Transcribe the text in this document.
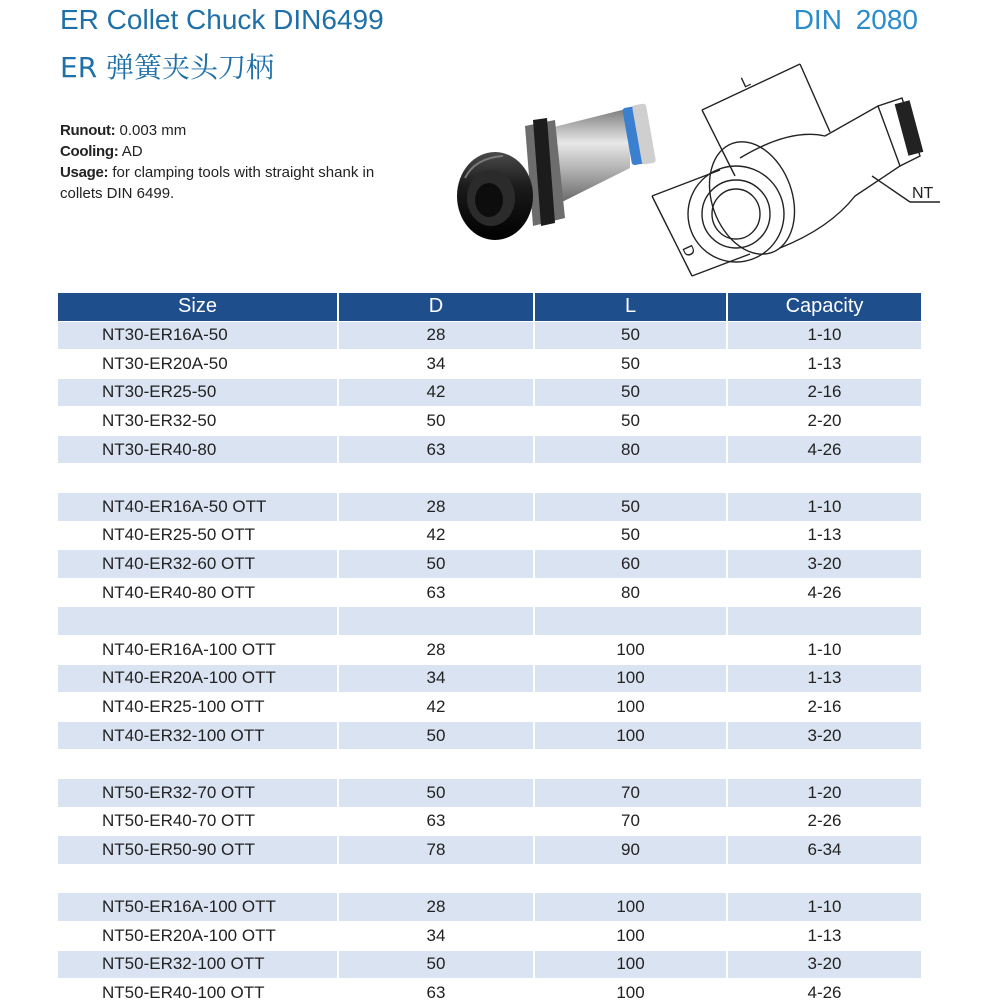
ER Collet Chuck DIN6499
ER 弹簧夹头刀柄
DIN 2080
Runout: 0.003 mm
Cooling: AD
Usage: for clamping tools with straight shank in collets DIN 6499.
L
D
NT
Size	D	L	Capacity
NT30-ER16A-50	28	50	1-10
NT30-ER20A-50	34	50	1-13
NT30-ER25-50	42	50	2-16
NT30-ER32-50	50	50	2-20
NT30-ER40-80	63	80	4-26

NT40-ER16A-50 OTT	28	50	1-10
NT40-ER25-50 OTT	42	50	1-13
NT40-ER32-60 OTT	50	60	3-20
NT40-ER40-80 OTT	63	80	4-26

NT40-ER16A-100 OTT	28	100	1-10
NT40-ER20A-100 OTT	34	100	1-13
NT40-ER25-100 OTT	42	100	2-16
NT40-ER32-100 OTT	50	100	3-20

NT50-ER32-70 OTT	50	70	1-20
NT50-ER40-70 OTT	63	70	2-26
NT50-ER50-90 OTT	78	90	6-34

NT50-ER16A-100 OTT	28	100	1-10
NT50-ER20A-100 OTT	34	100	1-13
NT50-ER32-100 OTT	50	100	3-20
NT50-ER40-100 OTT	63	100	4-26
